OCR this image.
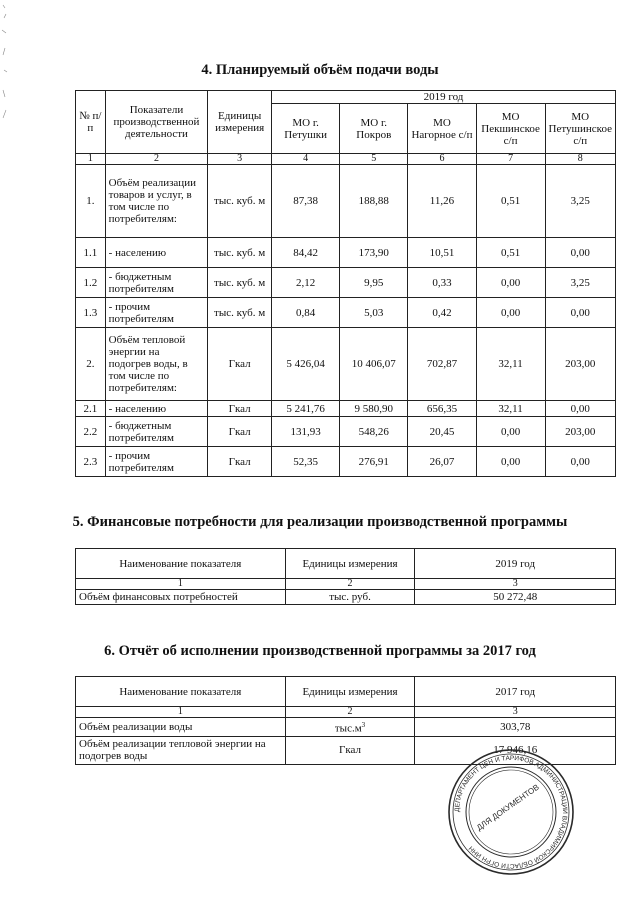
4. Планируемый объём подачи воды
№ п/п	Показатели производственной деятельности	Единицы измерения	2019 год				
			МО г. Петушки	МО г. Покров	МО Нагорное с/п	МО Пекшинское с/п	МО Петушинское с/п
1	2	3	4	5	6	7	8
1.	Объём реализации товаров и услуг, в том числе по потребителям:	тыс. куб. м	87,38	188,88	11,26	0,51	3,25
1.1	- населению	тыс. куб. м	84,42	173,90	10,51	0,51	0,00
1.2	- бюджетным потребителям	тыс. куб. м	2,12	9,95	0,33	0,00	3,25
1.3	- прочим потребителям	тыс. куб. м	0,84	5,03	0,42	0,00	0,00
2.	Объём тепловой энергии на подогрев воды, в том числе по потребителям:	Гкал	5 426,04	10 406,07	702,87	32,11	203,00
2.1	- населению	Гкал	5 241,76	9 580,90	656,35	32,11	0,00
2.2	- бюджетным потребителям	Гкал	131,93	548,26	20,45	0,00	203,00
2.3	- прочим потребителям	Гкал	52,35	276,91	26,07	0,00	0,00
5. Финансовые потребности для реализации производственной программы
Наименование показателя	Единицы измерения	2019 год
1	2	3
Объём финансовых потребностей	тыс. руб.	50 272,48
6. Отчёт об исполнении производственной программы за 2017 год
Наименование показателя	Единицы измерения	2017 год
1	2	3
Объём реализации воды	$тыс.м^3$	303,78
Объём реализации тепловой энергии на подогрев воды	Гкал	17 946,16
ДЕПАРТАМЕНТ ЦЕН И ТАРИФОВ АДМИНИСТРАЦИИ ВЛАДИМИРСКОЙ ОБЛАСТИ ОГРН ИНН
ДЛЯ ДОКУМЕНТОВ
